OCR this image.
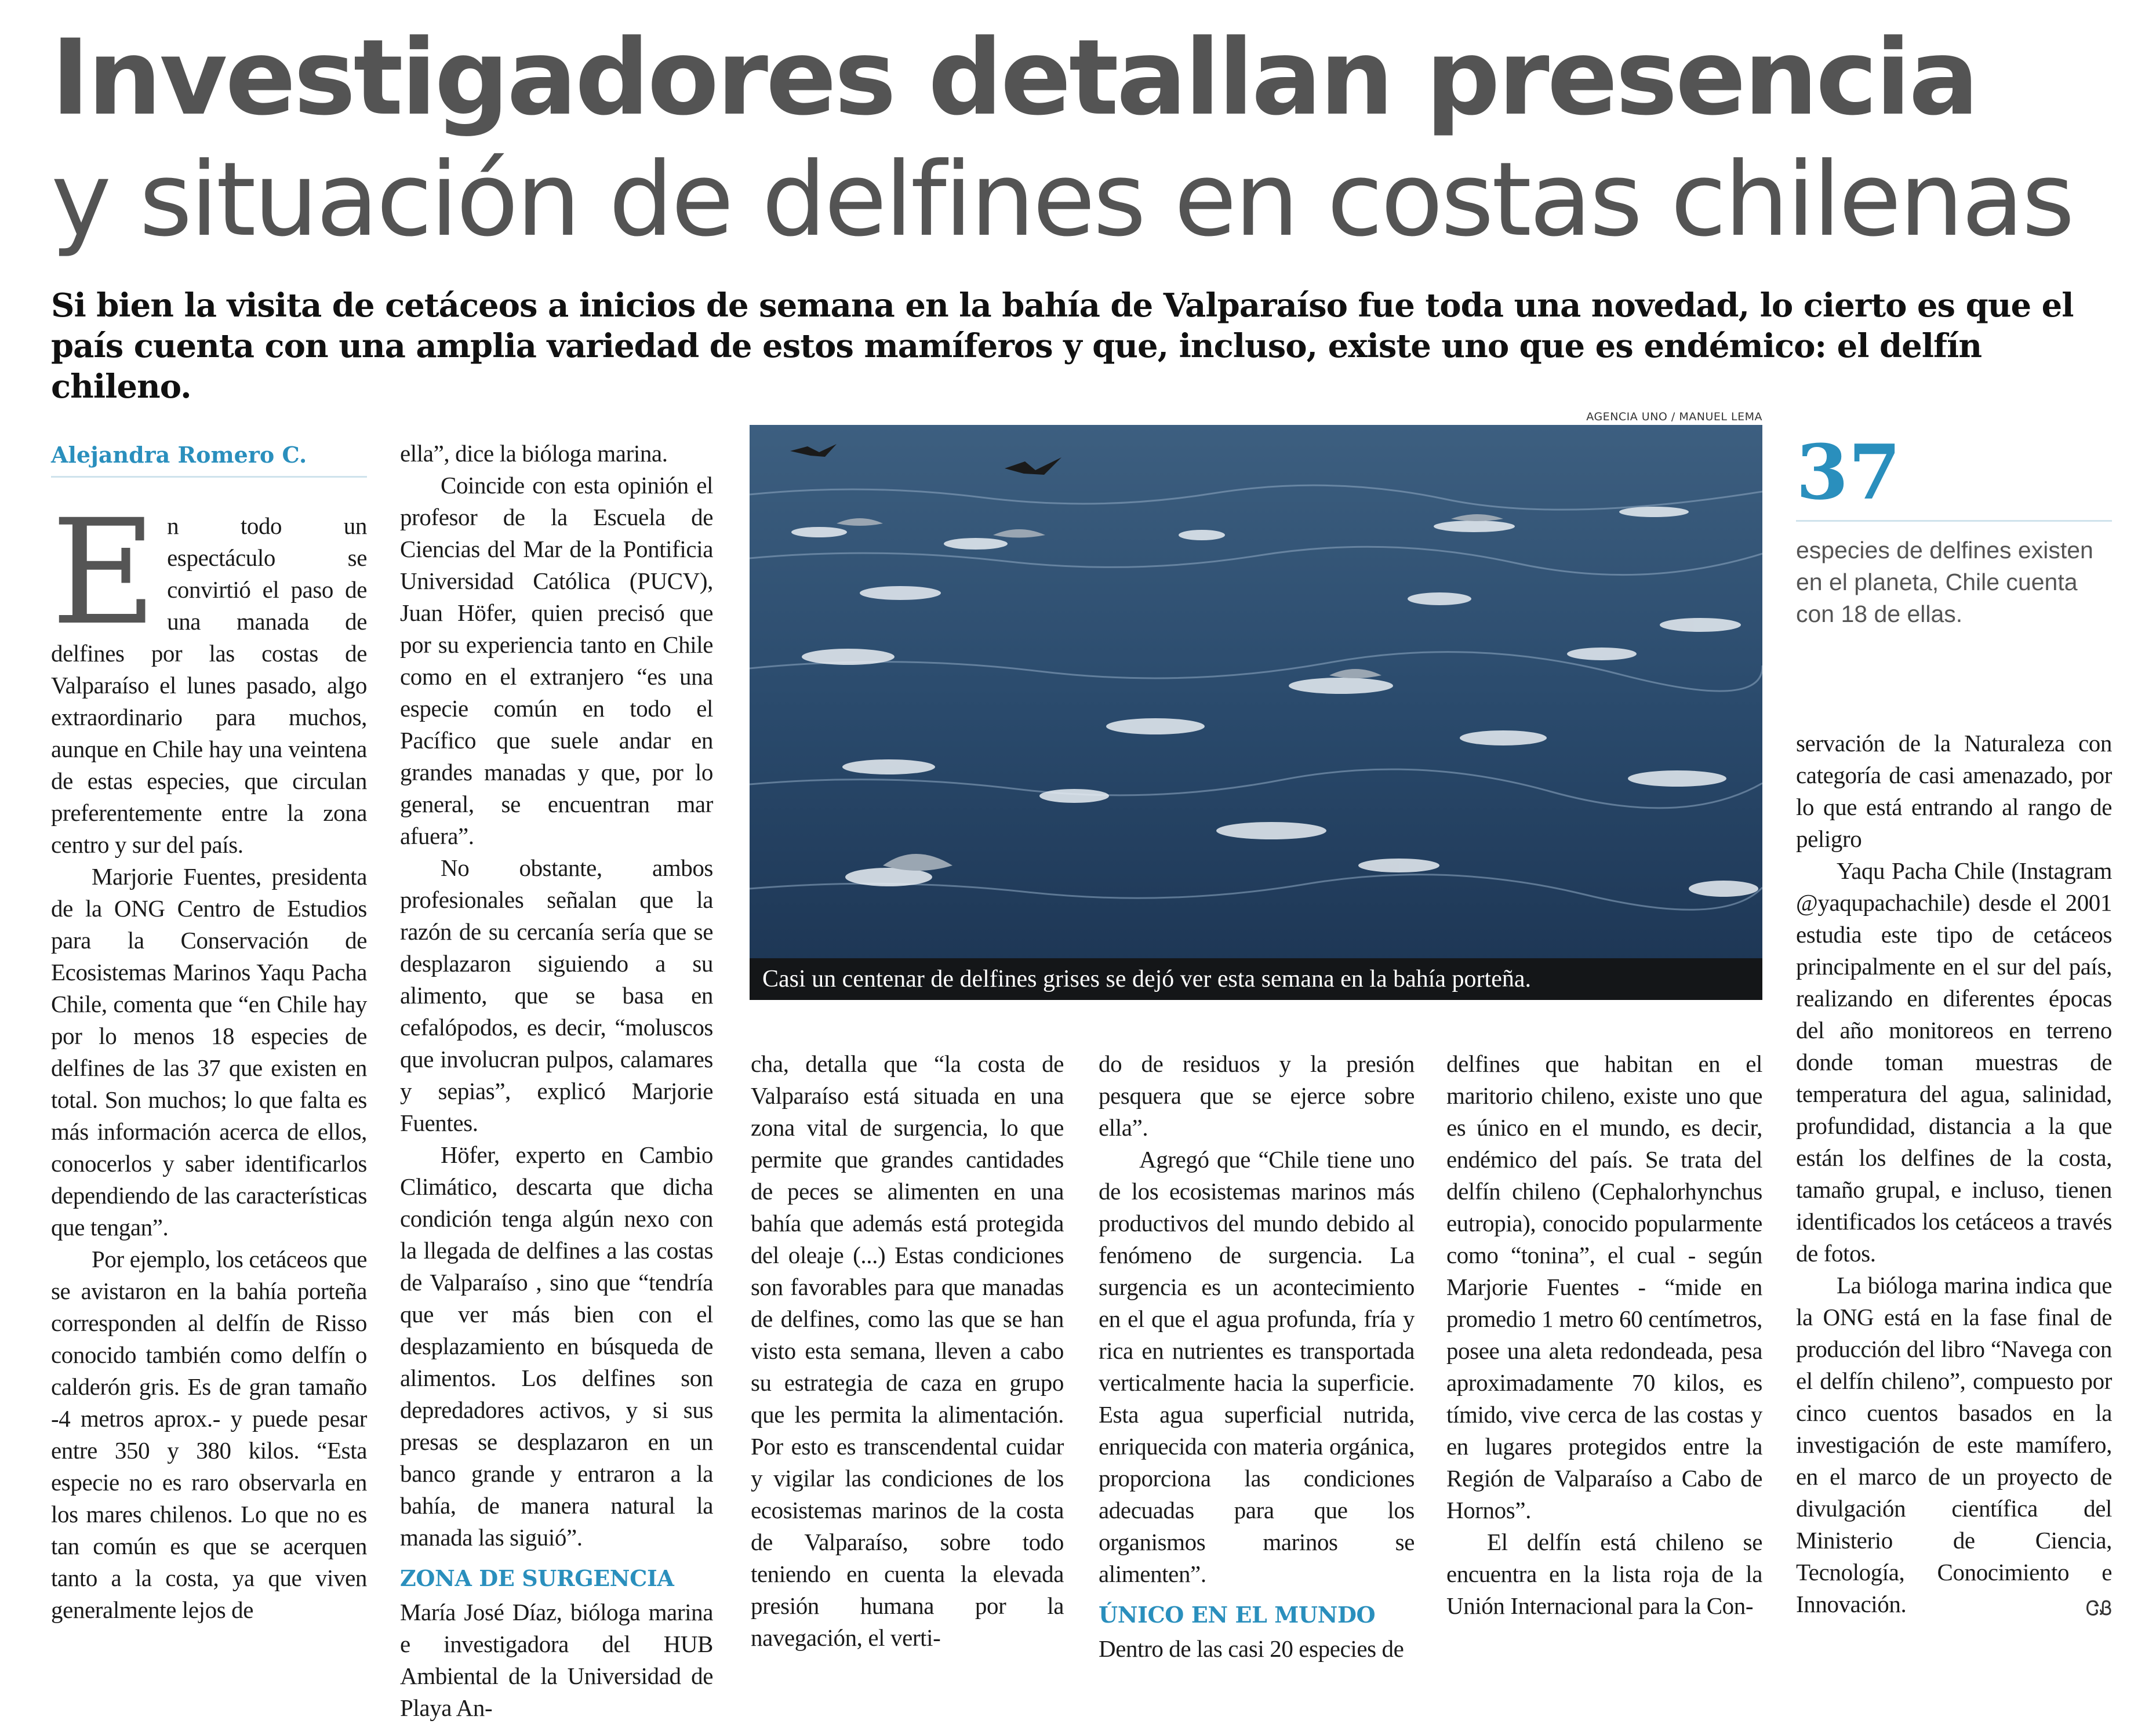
Investigadores detallan presencia
y situación de delfines en costas chilenas

Si bien la visita de cetáceos a inicios de semana en la bahía de Valparaíso fue toda una novedad, lo cierto es que el país cuenta con una amplia variedad de estos mamíferos y que, incluso, existe uno que es endémico: el delfín chileno.

Alejandra Romero C.

En todo un espectáculo se convirtió el paso de una manada de delfines por las costas de Valparaíso el lunes pasado, algo extraordinario para muchos, aunque en Chile hay una veintena de estas especies, que circulan preferentemente entre la zona centro y sur del país.

Marjorie Fuentes, presidenta de la ONG Centro de Estudios para la Conservación de Ecosistemas Marinos Yaqu Pacha Chile, comenta que “en Chile hay por lo menos 18 especies de delfines de las 37 que existen en total. Son muchos; lo que falta es más información acerca de ellos, conocerlos y saber identificarlos dependiendo de las características que tengan”.

Por ejemplo, los cetáceos que se avistaron en la bahía porteña corresponden al delfín de Risso conocido también como delfín o calderón gris. Es de gran tamaño -4 metros aprox.- y puede pesar entre 350 y 380 kilos. “Esta especie no es raro observarla en los mares chilenos. Lo que no es tan común es que se acerquen tanto a la costa, ya que viven generalmente lejos de

ella”, dice la bióloga marina.

Coincide con esta opinión el profesor de la Escuela de Ciencias del Mar de la Pontificia Universidad Católica (PUCV), Juan Höfer, quien precisó que por su experiencia tanto en Chile como en el extranjero “es una especie común en todo el Pacífico que suele andar en grandes manadas y que, por lo general, se encuentran mar afuera”.

No obstante, ambos profesionales señalan que la razón de su cercanía sería que se desplazaron siguiendo a su alimento, que se basa en cefalópodos, es decir, “moluscos que involucran pulpos, calamares y sepias”, explicó Marjorie Fuentes.

Höfer, experto en Cambio Climático, descarta que dicha condición tenga algún nexo con la llegada de delfines a las costas de Valparaíso , sino que “tendría que ver más bien con el desplazamiento en búsqueda de alimentos. Los delfines son depredadores activos, y si sus presas se desplazaron en un banco grande y entraron a la bahía, de manera natural la manada las siguió”.

ZONA DE SURGENCIA

María José Díaz, bióloga marina e investigadora del HUB Ambiental de la Universidad de Playa An-

AGENCIA UNO / MANUEL LEMA
Casi un centenar de delfines grises se dejó ver esta semana en la bahía porteña.
37
especies de delfines existen en el planeta, Chile cuenta con 18 de ellas.

cha, detalla que “la costa de Valparaíso está situada en una zona vital de surgencia, lo que permite que grandes cantidades de peces se alimenten en una bahía que además está protegida del oleaje (...) Estas condiciones son favorables para que manadas de delfines, como las que se han visto esta semana, lleven a cabo su estrategia de caza en grupo que les permita la alimentación. Por esto es transcendental cuidar y vigilar las condiciones de los ecosistemas marinos de la costa de Valparaíso, sobre todo teniendo en cuenta la elevada presión humana por la navegación, el verti-

do de residuos y la presión pesquera que se ejerce sobre ella”.

Agregó que “Chile tiene uno de los ecosistemas marinos más productivos del mundo debido al fenómeno de surgencia. La surgencia es un acontecimiento en el que el agua profunda, fría y rica en nutrientes es transportada verticalmente hacia la superficie. Esta agua superficial nutrida, enriquecida con materia orgánica, proporciona las condiciones adecuadas para que los organismos marinos se alimenten”.

ÚNICO EN EL MUNDO

Dentro de las casi 20 especies de

delfines que habitan en el maritorio chileno, existe uno que es único en el mundo, es decir, endémico del país. Se trata del delfín chileno (Cephalorhynchus eutropia), conocido popularmente como “tonina”, el cual - según Marjorie Fuentes - “mide en promedio 1 metro 60 centímetros, posee una aleta redondeada, pesa aproximadamente 70 kilos, es tímido, vive cerca de las costas y en lugares protegidos entre la Región de Valparaíso a Cabo de Hornos”.

El delfín está chileno se encuentra en la lista roja de la Unión Internacional para la Con-

servación de la Naturaleza con categoría de casi amenazado, por lo que está entrando al rango de peligro

Yaqu Pacha Chile (Instagram @yaqupachachile) desde el 2001 estudia este tipo de cetáceos principalmente en el sur del país, realizando en diferentes épocas del año monitoreos en terreno donde toman muestras de temperatura del agua, salinidad, profundidad, distancia a la que están los delfines de la costa, tamaño grupal, e incluso, tienen identificados los cetáceos a través de fotos.

La bióloga marina indica que la ONG está en la fase final de producción del libro “Navega con el delfín chileno”, compuesto por cinco cuentos basados en la investigación de este mamífero, en el marco de un proyecto de divulgación científica del Ministerio de Ciencia, Tecnología, Conocimiento e Innovación.	ᏣᏰ
